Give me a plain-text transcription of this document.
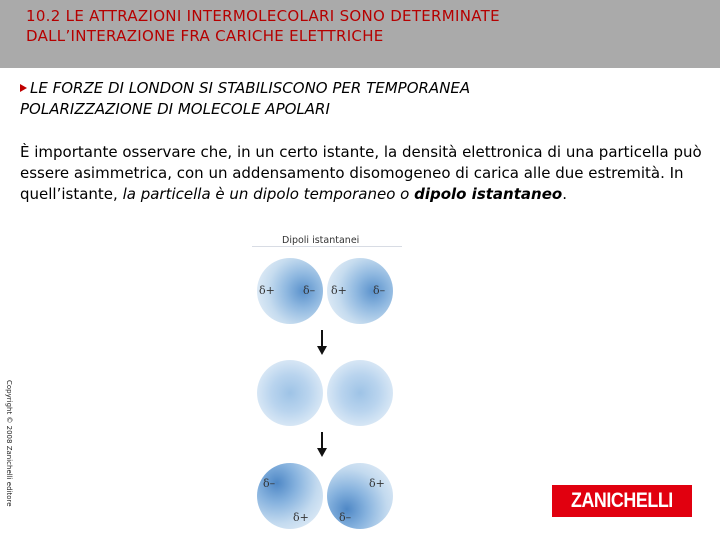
10.2 LE ATTRAZIONI INTERMOLECOLARI SONO DETERMINATE
DALL’INTERAZIONE FRA CARICHE ELETTRICHE
LE FORZE DI LONDON SI STABILISCONO PER TEMPORANEA
POLARIZZAZIONE DI MOLECOLE APOLARI
È importante osservare che, in un certo istante, la densità elettronica di una particella può essere asimmetrica, con un addensamento disomogeneo di carica alle due estremità. In quell’istante, la particella è un dipolo temporaneo o dipolo istantaneo.
Copyright © 2008 Zanichelli editore
Dipoli istantanei
δ+	δ– δ+ δ–
δ–
δ+
δ+
δ–
ZANICHELLI
